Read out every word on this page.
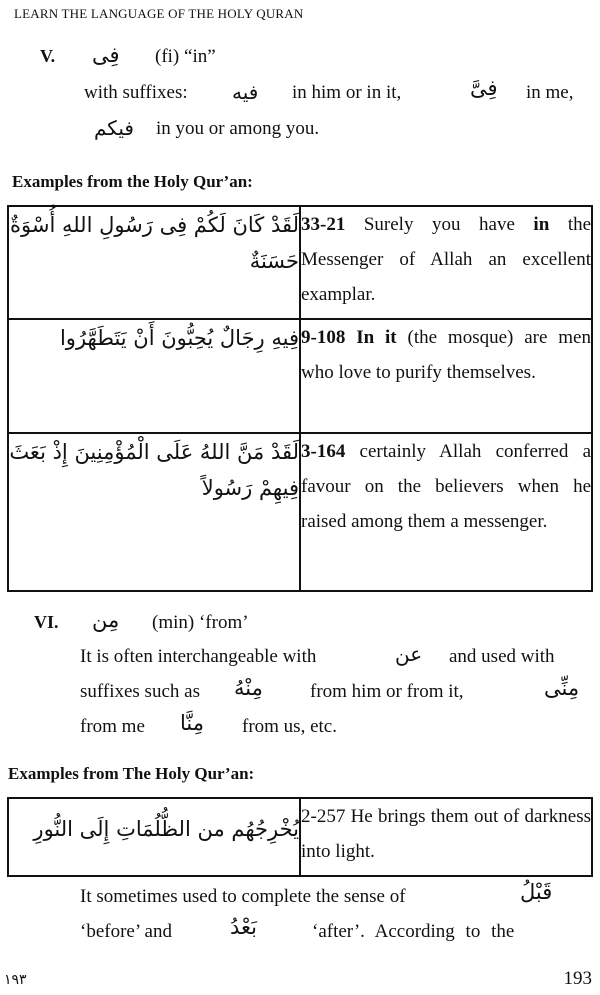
LEARN THE LANGUAGE OF THE HOLY QURAN
V. فِى (fi) “in”
with suffixes: فيه in him or in it,	فِىَّ in me,
فيكم in you or among you.
Examples from the Holy Qur’an:
لَقَدْ كَانَ لَكُمْ فِى رَسُولِ اللهِ أُسْوَةٌ حَسَنَةٌ	33-21 Surely you have in the Messenger of Allah an excellent examplar.
فِيهِ رِجَالٌ يُحِبُّونَ أَنْ يَتَطَهَّرُوا	9-108 In it (the mosque) are men who love to purify themselves.
لَقَدْ مَنَّ اللهُ عَلَى الْمُؤْمِنِينَ إِذْ بَعَثَ فِيهِمْ رَسُولاً	3-164 certainly Allah conferred a favour on the believers when he raised among them a messenger.
VI. مِن (min) ‘from’
It is often interchangeable with	عن and used with
suffixes such as مِنْهُ from him or from it,	مِنِّى
from me مِنَّا from us, etc.
Examples from The Holy Qur’an:
يُخْرِجُهُم من الظُّلُمَاتِ إِلَى النُّورِ	2-257 He brings them out of darkness into light.
It sometimes used to complete the sense of	قَبْلُ
‘before’ and	بَعْدُ	‘after’. According to the
١٩٣	193
